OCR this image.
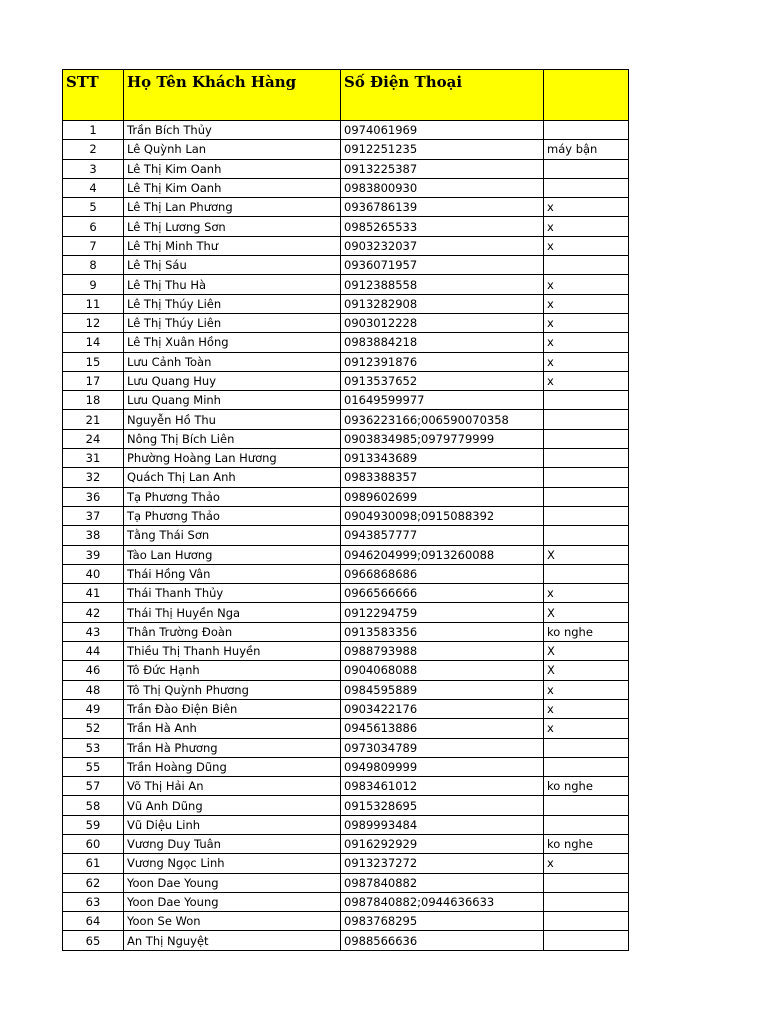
STT	Họ Tên Khách Hàng	Số Điện Thoại	
1	Trần Bích Thủy	0974061969	
2	Lê Quỳnh Lan	0912251235	máy bận
3	Lê Thị Kim Oanh	0913225387	
4	Lê Thị Kim Oanh	0983800930	
5	Lê Thị Lan Phương	0936786139	x
6	Lê Thị Lương Sơn	0985265533	x
7	Lê Thị Minh Thư	0903232037	x
8	Lê Thị Sáu	0936071957	
9	Lê Thị Thu Hà	0912388558	x
11	Lê Thị Thúy Liên	0913282908	x
12	Lê Thị Thúy Liên	0903012228	x
14	Lê Thị Xuân Hồng	0983884218	x
15	Lưu Cảnh Toàn	0912391876	x
17	Lưu Quang Huy	0913537652	x
18	Lưu Quang Minh	01649599977	
21	Nguyễn Hồ Thu	0936223166;006590070358	
24	Nông Thị Bích Liên	0903834985;0979779999	
31	Phường Hoàng Lan Hương	0913343689	
32	Quách Thị Lan Anh	0983388357	
36	Tạ Phương Thảo	0989602699	
37	Tạ Phương Thảo	0904930098;0915088392	
38	Tằng Thái Sơn	0943857777	
39	Tào Lan Hương	0946204999;0913260088	X
40	Thái Hồng Vân	0966868686	
41	Thái Thanh Thủy	0966566666	x
42	Thái Thị Huyền Nga	0912294759	X
43	Thân Trường Đoàn	0913583356	ko nghe
44	Thiều Thị Thanh Huyền	0988793988	X
46	Tô Đức Hạnh	0904068088	X
48	Tô Thị Quỳnh Phương	0984595889	x
49	Trần Đào Điện Biên	0903422176	x
52	Trần Hà Anh	0945613886	x
53	Trần Hà Phương	0973034789	
55	Trần Hoàng Dũng	0949809999	
57	Võ Thị Hải An	0983461012	ko nghe
58	Vũ Anh Dũng	0915328695	
59	Vũ Diệu Linh	0989993484	
60	Vương Duy Tuân	0916292929	ko nghe
61	Vương Ngọc Linh	0913237272	x
62	Yoon Dae Young	0987840882	
63	Yoon Dae Young	0987840882;0944636633	
64	Yoon Se Won	0983768295	
65	An Thị Nguyệt	0988566636	
